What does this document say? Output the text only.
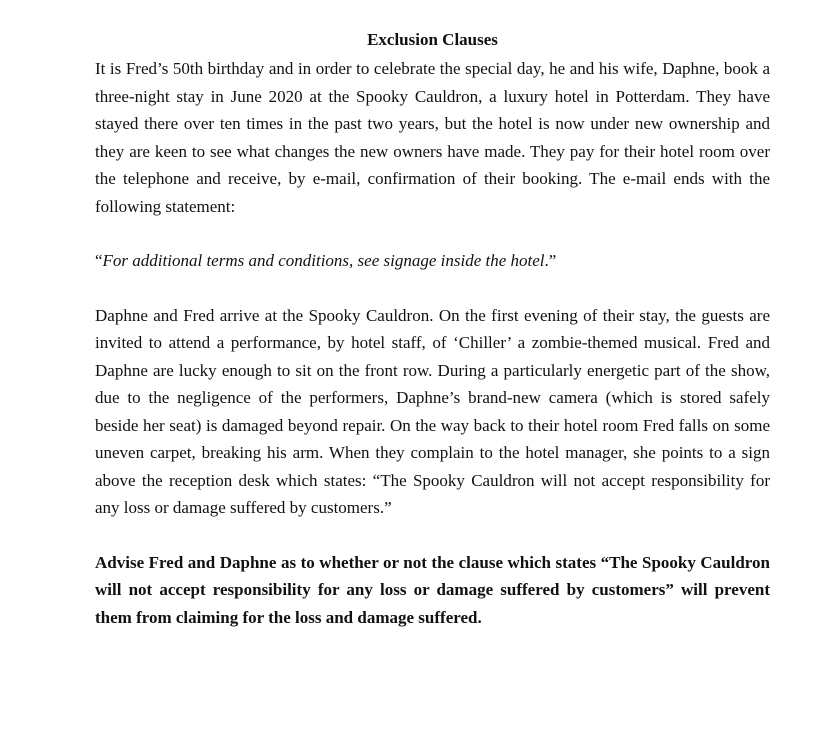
Exclusion Clauses

It is Fred’s 50th birthday and in order to celebrate the special day, he and his wife, Daphne, book a three-night stay in June 2020 at the Spooky Cauldron, a luxury hotel in Potterdam. They have stayed there over ten times in the past two years, but the hotel is now under new ownership and they are keen to see what changes the new owners have made. They pay for their hotel room over the telephone and receive, by e-mail, confirmation of their booking. The e-mail ends with the following statement:

“For additional terms and conditions, see signage inside the hotel.”

Daphne and Fred arrive at the Spooky Cauldron. On the first evening of their stay, the guests are invited to attend a performance, by hotel staff, of ‘Chiller’ a zombie-themed musical. Fred and Daphne are lucky enough to sit on the front row. During a particularly energetic part of the show, due to the negligence of the performers, Daphne’s brand-new camera (which is stored safely beside her seat) is damaged beyond repair. On the way back to their hotel room Fred falls on some uneven carpet, breaking his arm. When they complain to the hotel manager, she points to a sign above the reception desk which states: “The Spooky Cauldron will not accept responsibility for any loss or damage suffered by customers.”

Advise Fred and Daphne as to whether or not the clause which states “The Spooky Cauldron will not accept responsibility for any loss or damage suffered by customers” will prevent them from claiming for the loss and damage suffered.
